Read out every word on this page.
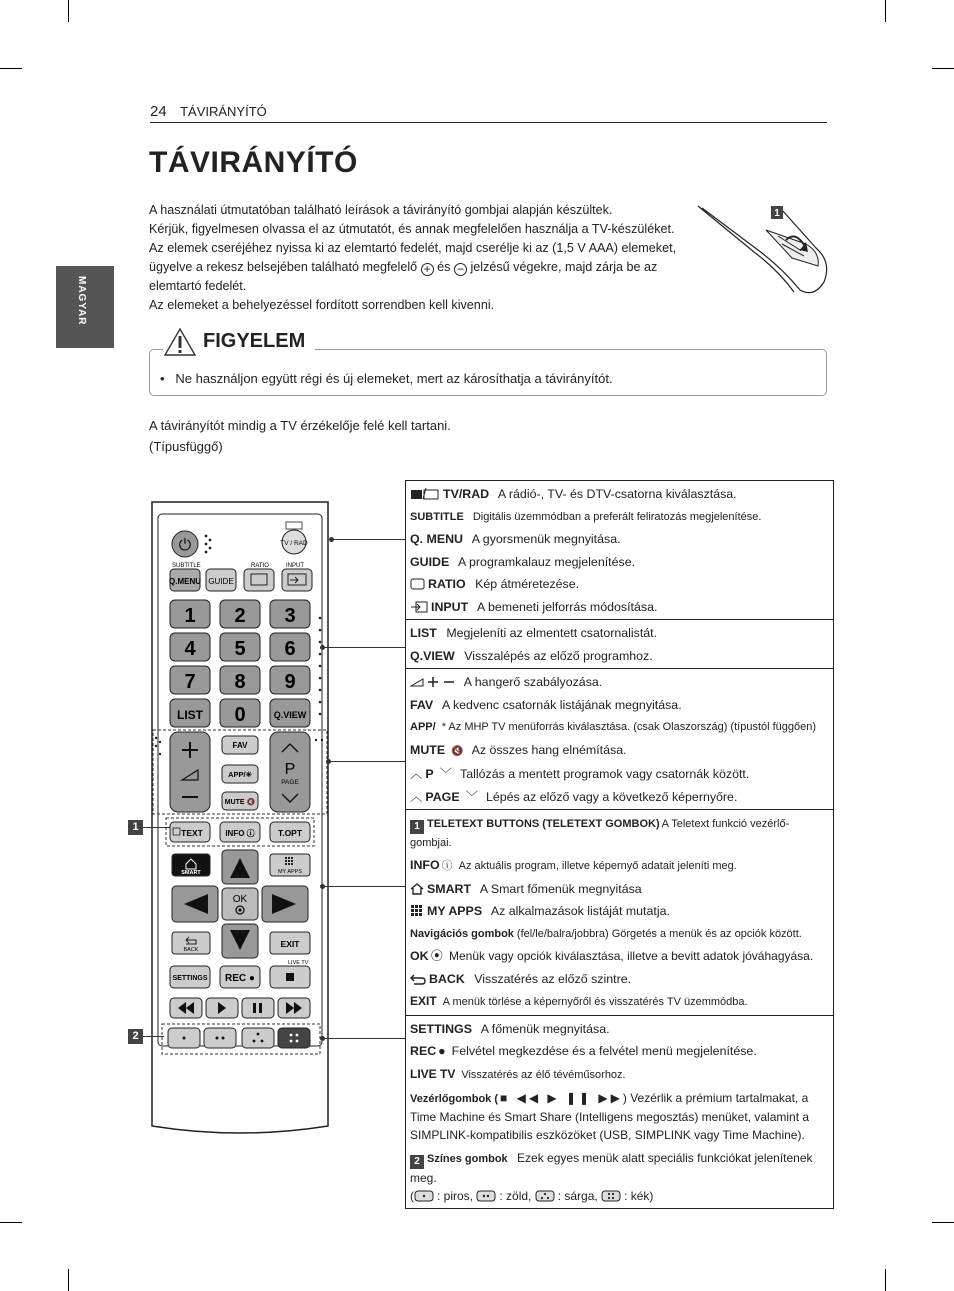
24 TÁVIRÁNYÍTÓ
TÁVIRÁNYÍTÓ
MAGYAR
A használati útmutatóban található leírások a távirányító gombjai alapján készültek.
Kérjük, figyelmesen olvassa el az útmutatót, és annak megfelelően használja a TV-készüléket.
Az elemek cseréjéhez nyissa ki az elemtartó fedelét, majd cserélje ki az (1,5 V AAA) elemeket,
ügyelve a rekesz belsejében található megfelelő + és − jelzésű végekre, majd zárja be az
elemtartó fedelét.
Az elemeket a behelyezéssel fordított sorrendben kell kivenni.
1
FIGYELEM
•   Ne használjon együtt régi és új elemeket, mert az károsíthatja a távirányítót.
A távirányítót mindig a TV érzékelője felé kell tartani.
(Típusfüggő)
⏻	TV / RAD
SUBTITLE	RATIO	INPUT
Q.MENU GUIDE
1 2 3
4 5 6
7 8 9
LIST 0	Q.VIEW
FAV
APP/✳
MUTE 🔇
P
PAGE
TEXT	INFO ⓘ	T.OPT
SMART	MY APPS
OK
BACK
EXIT
LIVE TV
SETTINGS REC ●
1
2
TV/RAD A rádió-, TV- és DTV-csatorna kiválasztása.
SUBTITLE Digitális üzemmódban a preferált feliratozás megjelenítése.
Q. MENU A gyorsmenük megnyitása.
GUIDE A programkalauz megjelenítése.
RATIO Kép átméretezése.
INPUT A bemeneti jelforrás módosítása.
LIST Megjeleníti az elmentett csatornalistát.
Q.VIEW Visszalépés az előző programhoz.
A hangerő szabályozása.
FAV A kedvenc csatornák listájának megnyitása.
APP/ * Az MHP TV menüforrás kiválasztása. (csak Olaszország) (típustól függően)
MUTE 🔇 Az összes hang elnémítása.
︿ P ﹀ Tallózás a mentett programok vagy csatornák között.
︿ PAGE ﹀ Lépés az előző vagy a következő képernyőre.
1 TELETEXT BUTTONS (TELETEXT GOMBOK) A Teletext funkció vezérlő-gombjai.
INFO ⓘ Az aktuális program, illetve képernyő adatait jeleníti meg.
SMART A Smart főmenük megnyitása
MY APPS Az alkalmazások listáját mutatja.
Navigációs gombok (fel/le/balra/jobbra) Görgetés a menük és az opciók között.
OK ⦿ Menük vagy opciók kiválasztása, illetve a bevitt adatok jóváhagyása.
BACK Visszatérés az előző szintre.
EXIT A menük törlése a képernyőről és visszatérés TV üzemmódba.
SETTINGS A főmenük megnyitása.
REC ● Felvétel megkezdése és a felvétel menü megjelenítése.
LIVE TV Visszatérés az élő tévéműsorhoz.
Vezérlőgombok ( ■ ◀◀ ▶ ❚❚ ▶▶) Vezérlik a prémium tartalmakat, a Time Machine és Smart Share (Intelligens megosztás) menüket, valamint a SIMPLINK-kompatibilis eszközöket (USB, SIMPLINK vagy Time Machine).
2 Színes gombok Ezek egyes menük alatt speciális funkciókat jelenítenek meg.
( : piros, : zöld, : sárga, : kék)
